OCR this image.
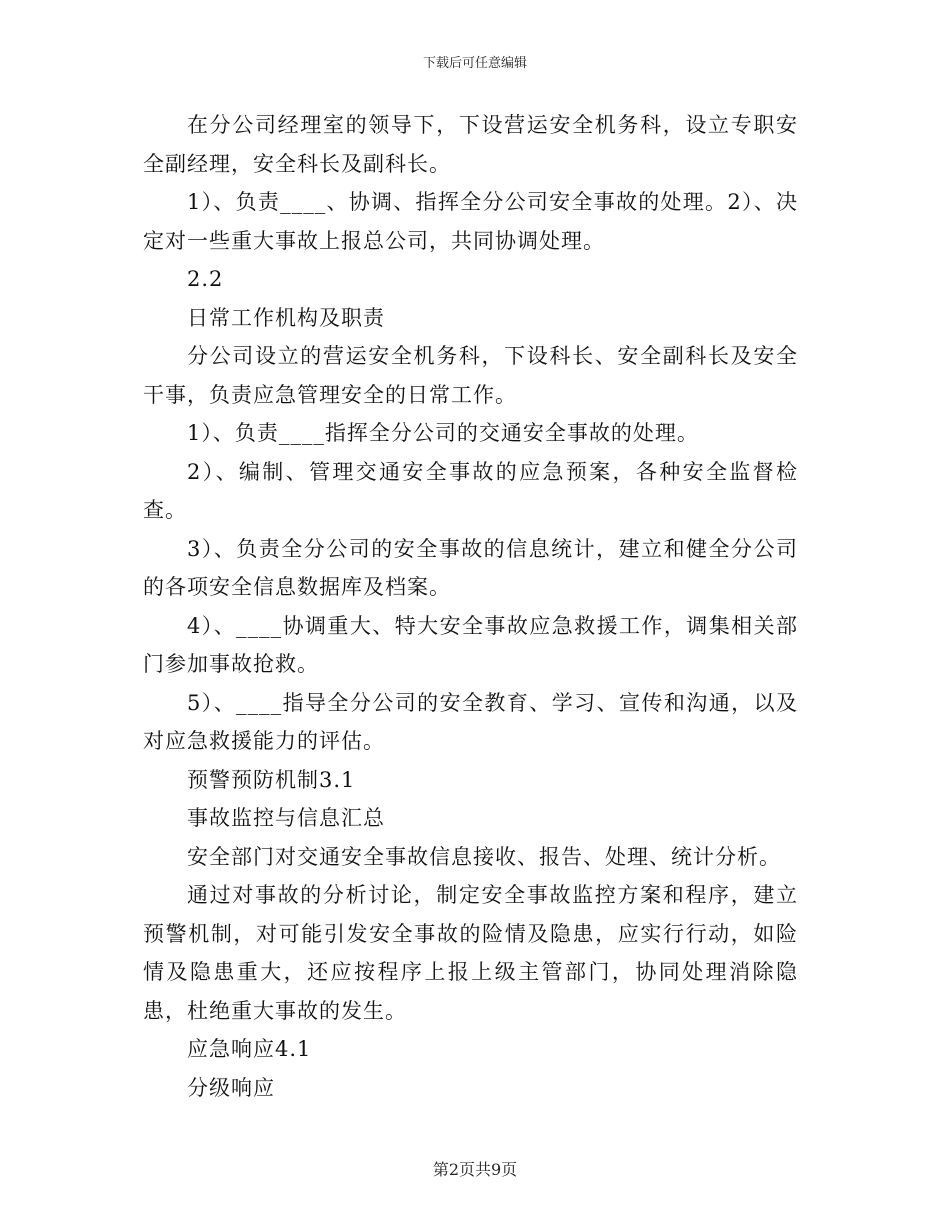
下载后可任意编辑

在分公司经理室的领导下，下设营运安全机务科，设立专职安全副经理，安全科长及副科长。

1）、负责____、协调、指挥全分公司安全事故的处理。2）、决定对一些重大事故上报总公司，共同协调处理。

2.2

日常工作机构及职责

分公司设立的营运安全机务科，下设科长、安全副科长及安全干事，负责应急管理安全的日常工作。

1）、负责____指挥全分公司的交通安全事故的处理。

2）、编制、管理交通安全事故的应急预案，各种安全监督检查。

3）、负责全分公司的安全事故的信息统计，建立和健全分公司的各项安全信息数据库及档案。

4）、____协调重大、特大安全事故应急救援工作，调集相关部门参加事故抢救。

5）、____指导全分公司的安全教育、学习、宣传和沟通，以及对应急救援能力的评估。

预警预防机制3.1

事故监控与信息汇总

安全部门对交通安全事故信息接收、报告、处理、统计分析。

通过对事故的分析讨论，制定安全事故监控方案和程序，建立预警机制，对可能引发安全事故的险情及隐患，应实行行动，如险情及隐患重大，还应按程序上报上级主管部门，协同处理消除隐患，杜绝重大事故的发生。

应急响应4.1

分级响应

第2页共9页
